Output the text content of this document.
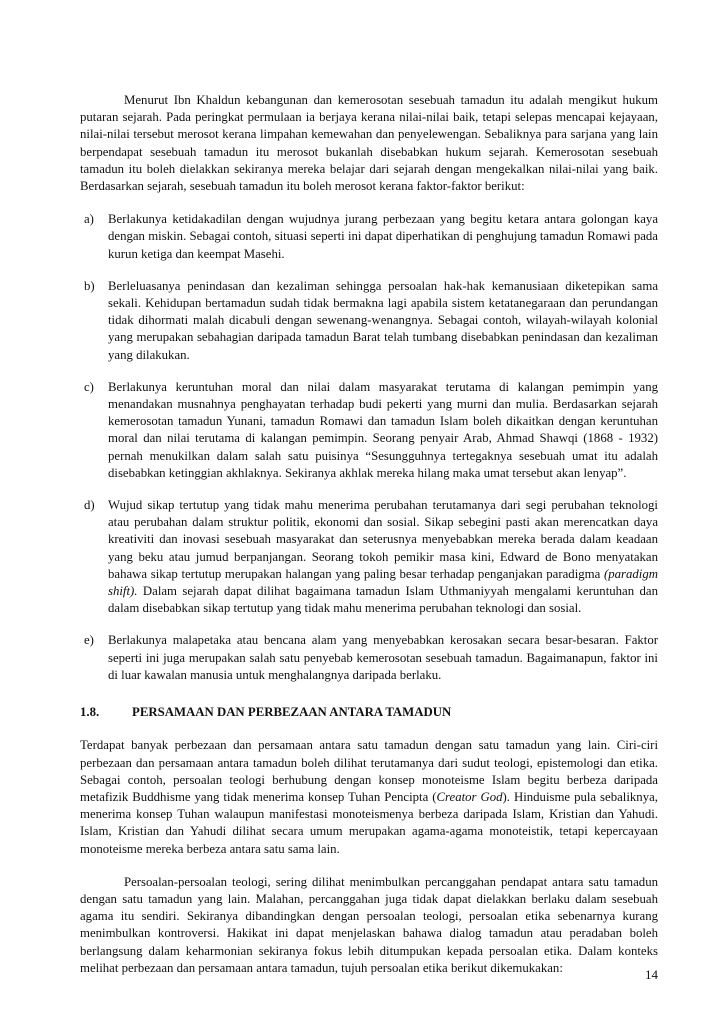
Menurut Ibn Khaldun kebangunan dan kemerosotan sesebuah tamadun itu adalah mengikut hukum putaran sejarah. Pada peringkat permulaan ia berjaya kerana nilai-nilai baik, tetapi selepas mencapai kejayaan, nilai-nilai tersebut merosot kerana limpahan kemewahan dan penyelewengan. Sebaliknya para sarjana yang lain berpendapat sesebuah tamadun itu merosot bukanlah disebabkan hukum sejarah. Kemerosotan sesebuah tamadun itu boleh dielakkan sekiranya mereka belajar dari sejarah dengan mengekalkan nilai-nilai yang baik. Berdasarkan sejarah, sesebuah tamadun itu boleh merosot kerana faktor-faktor berikut:

a) Berlakunya ketidakadilan dengan wujudnya jurang perbezaan yang begitu ketara antara golongan kaya dengan miskin. Sebagai contoh, situasi seperti ini dapat diperhatikan di penghujung tamadun Romawi pada kurun ketiga dan keempat Masehi.
b) Berleluasanya penindasan dan kezaliman sehingga persoalan hak-hak kemanusiaan diketepikan sama sekali. Kehidupan bertamadun sudah tidak bermakna lagi apabila sistem ketatanegaraan dan perundangan tidak dihormati malah dicabuli dengan sewenang-wenangnya. Sebagai contoh, wilayah-wilayah kolonial yang merupakan sebahagian daripada tamadun Barat telah tumbang disebabkan penindasan dan kezaliman yang dilakukan.
c) Berlakunya keruntuhan moral dan nilai dalam masyarakat terutama di kalangan pemimpin yang menandakan musnahnya penghayatan terhadap budi pekerti yang murni dan mulia. Berdasarkan sejarah kemerosotan tamadun Yunani, tamadun Romawi dan tamadun Islam boleh dikaitkan dengan keruntuhan moral dan nilai terutama di kalangan pemimpin. Seorang penyair Arab, Ahmad Shawqi (1868 - 1932) pernah menukilkan dalam salah satu puisinya “Sesungguhnya tertegaknya sesebuah umat itu adalah disebabkan ketinggian akhlaknya. Sekiranya akhlak mereka hilang maka umat tersebut akan lenyap”.
d) Wujud sikap tertutup yang tidak mahu menerima perubahan terutamanya dari segi perubahan teknologi atau perubahan dalam struktur politik, ekonomi dan sosial. Sikap sebegini pasti akan merencatkan daya kreativiti dan inovasi sesebuah masyarakat dan seterusnya menyebabkan mereka berada dalam keadaan yang beku atau jumud berpanjangan. Seorang tokoh pemikir masa kini, Edward de Bono menyatakan bahawa sikap tertutup merupakan halangan yang paling besar terhadap penganjakan paradigma (paradigm shift). Dalam sejarah dapat dilihat bagaimana tamadun Islam Uthmaniyyah mengalami keruntuhan dan dalam disebabkan sikap tertutup yang tidak mahu menerima perubahan teknologi dan sosial.
e) Berlakunya malapetaka atau bencana alam yang menyebabkan kerosakan secara besar-besaran. Faktor seperti ini juga merupakan salah satu penyebab kemerosotan sesebuah tamadun. Bagaimanapun, faktor ini di luar kawalan manusia untuk menghalangnya daripada berlaku.
1.8.	PERSAMAAN DAN PERBEZAAN ANTARA TAMADUN

Terdapat banyak perbezaan dan persamaan antara satu tamadun dengan satu tamadun yang lain. Ciri-ciri perbezaan dan persamaan antara tamadun boleh dilihat terutamanya dari sudut teologi, epistemologi dan etika. Sebagai contoh, persoalan teologi berhubung dengan konsep monoteisme Islam begitu berbeza daripada metafizik Buddhisme yang tidak menerima konsep Tuhan Pencipta (Creator God). Hinduisme pula sebaliknya, menerima konsep Tuhan walaupun manifestasi monoteismenya berbeza daripada Islam, Kristian dan Yahudi. Islam, Kristian dan Yahudi dilihat secara umum merupakan agama-agama monoteistik, tetapi kepercayaan monoteisme mereka berbeza antara satu sama lain.

Persoalan-persoalan teologi, sering dilihat menimbulkan percanggahan pendapat antara satu tamadun dengan satu tamadun yang lain. Malahan, percanggahan juga tidak dapat dielakkan berlaku dalam sesebuah agama itu sendiri. Sekiranya dibandingkan dengan persoalan teologi, persoalan etika sebenarnya kurang menimbulkan kontroversi. Hakikat ini dapat menjelaskan bahawa dialog tamadun atau peradaban boleh berlangsung dalam keharmonian sekiranya fokus lebih ditumpukan kepada persoalan etika. Dalam konteks melihat perbezaan dan persamaan antara tamadun, tujuh persoalan etika berikut dikemukakan:	14
